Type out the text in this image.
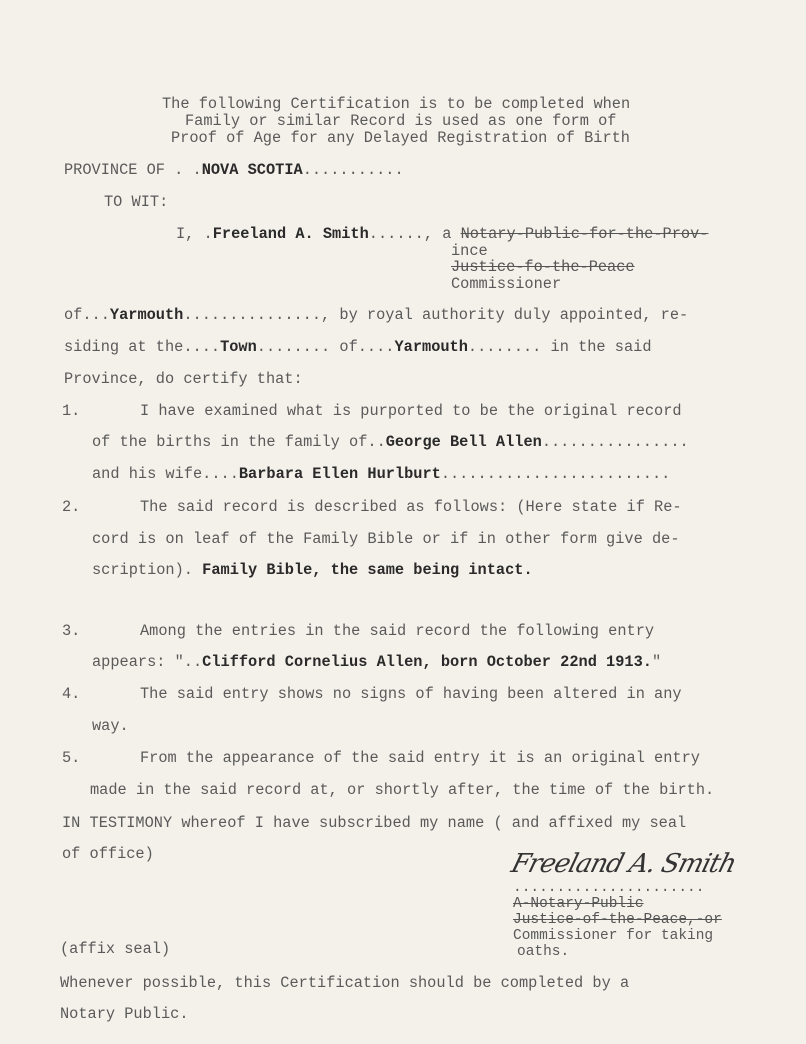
The following Certification is to be completed when
Family or similar Record is used as one form of
Proof of Age for any Delayed Registration of Birth
PROVINCE OF . .NOVA SCOTIA...........
TO WIT:
I, .Freeland A. Smith......, a Notary-Public-for-the-Prov-
ince
Justice-fo-the-Peace
Commissioner
of...Yarmouth..............., by royal authority duly appointed, re-
siding at the....Town........ of....Yarmouth........ in the said
Province, do certify that:
1.	I have examined what is purported to be the original record
of the births in the family of..George Bell Allen................
and his wife....Barbara Ellen Hurlburt.........................
2.	The said record is described as follows: (Here state if Re-
cord is on leaf of the Family Bible or if in other form give de-
scription). Family Bible, the same being intact.
3.	Among the entries in the said record the following entry
appears: "..Clifford Cornelius Allen, born October 22nd 1913."
4.	The said entry shows no signs of having been altered in any
way.
5.	From the appearance of the said entry it is an original entry
made in the said record at, or shortly after, the time of the birth.
IN TESTIMONY whereof I have subscribed my name ( and affixed my seal
of office)	Freeland A. Smith
......................
A-Notary-Public
Justice-of-the-Peace,-or
Commissioner for taking
oaths.
(affix seal)
Whenever possible, this Certification should be completed by a
Notary Public.
